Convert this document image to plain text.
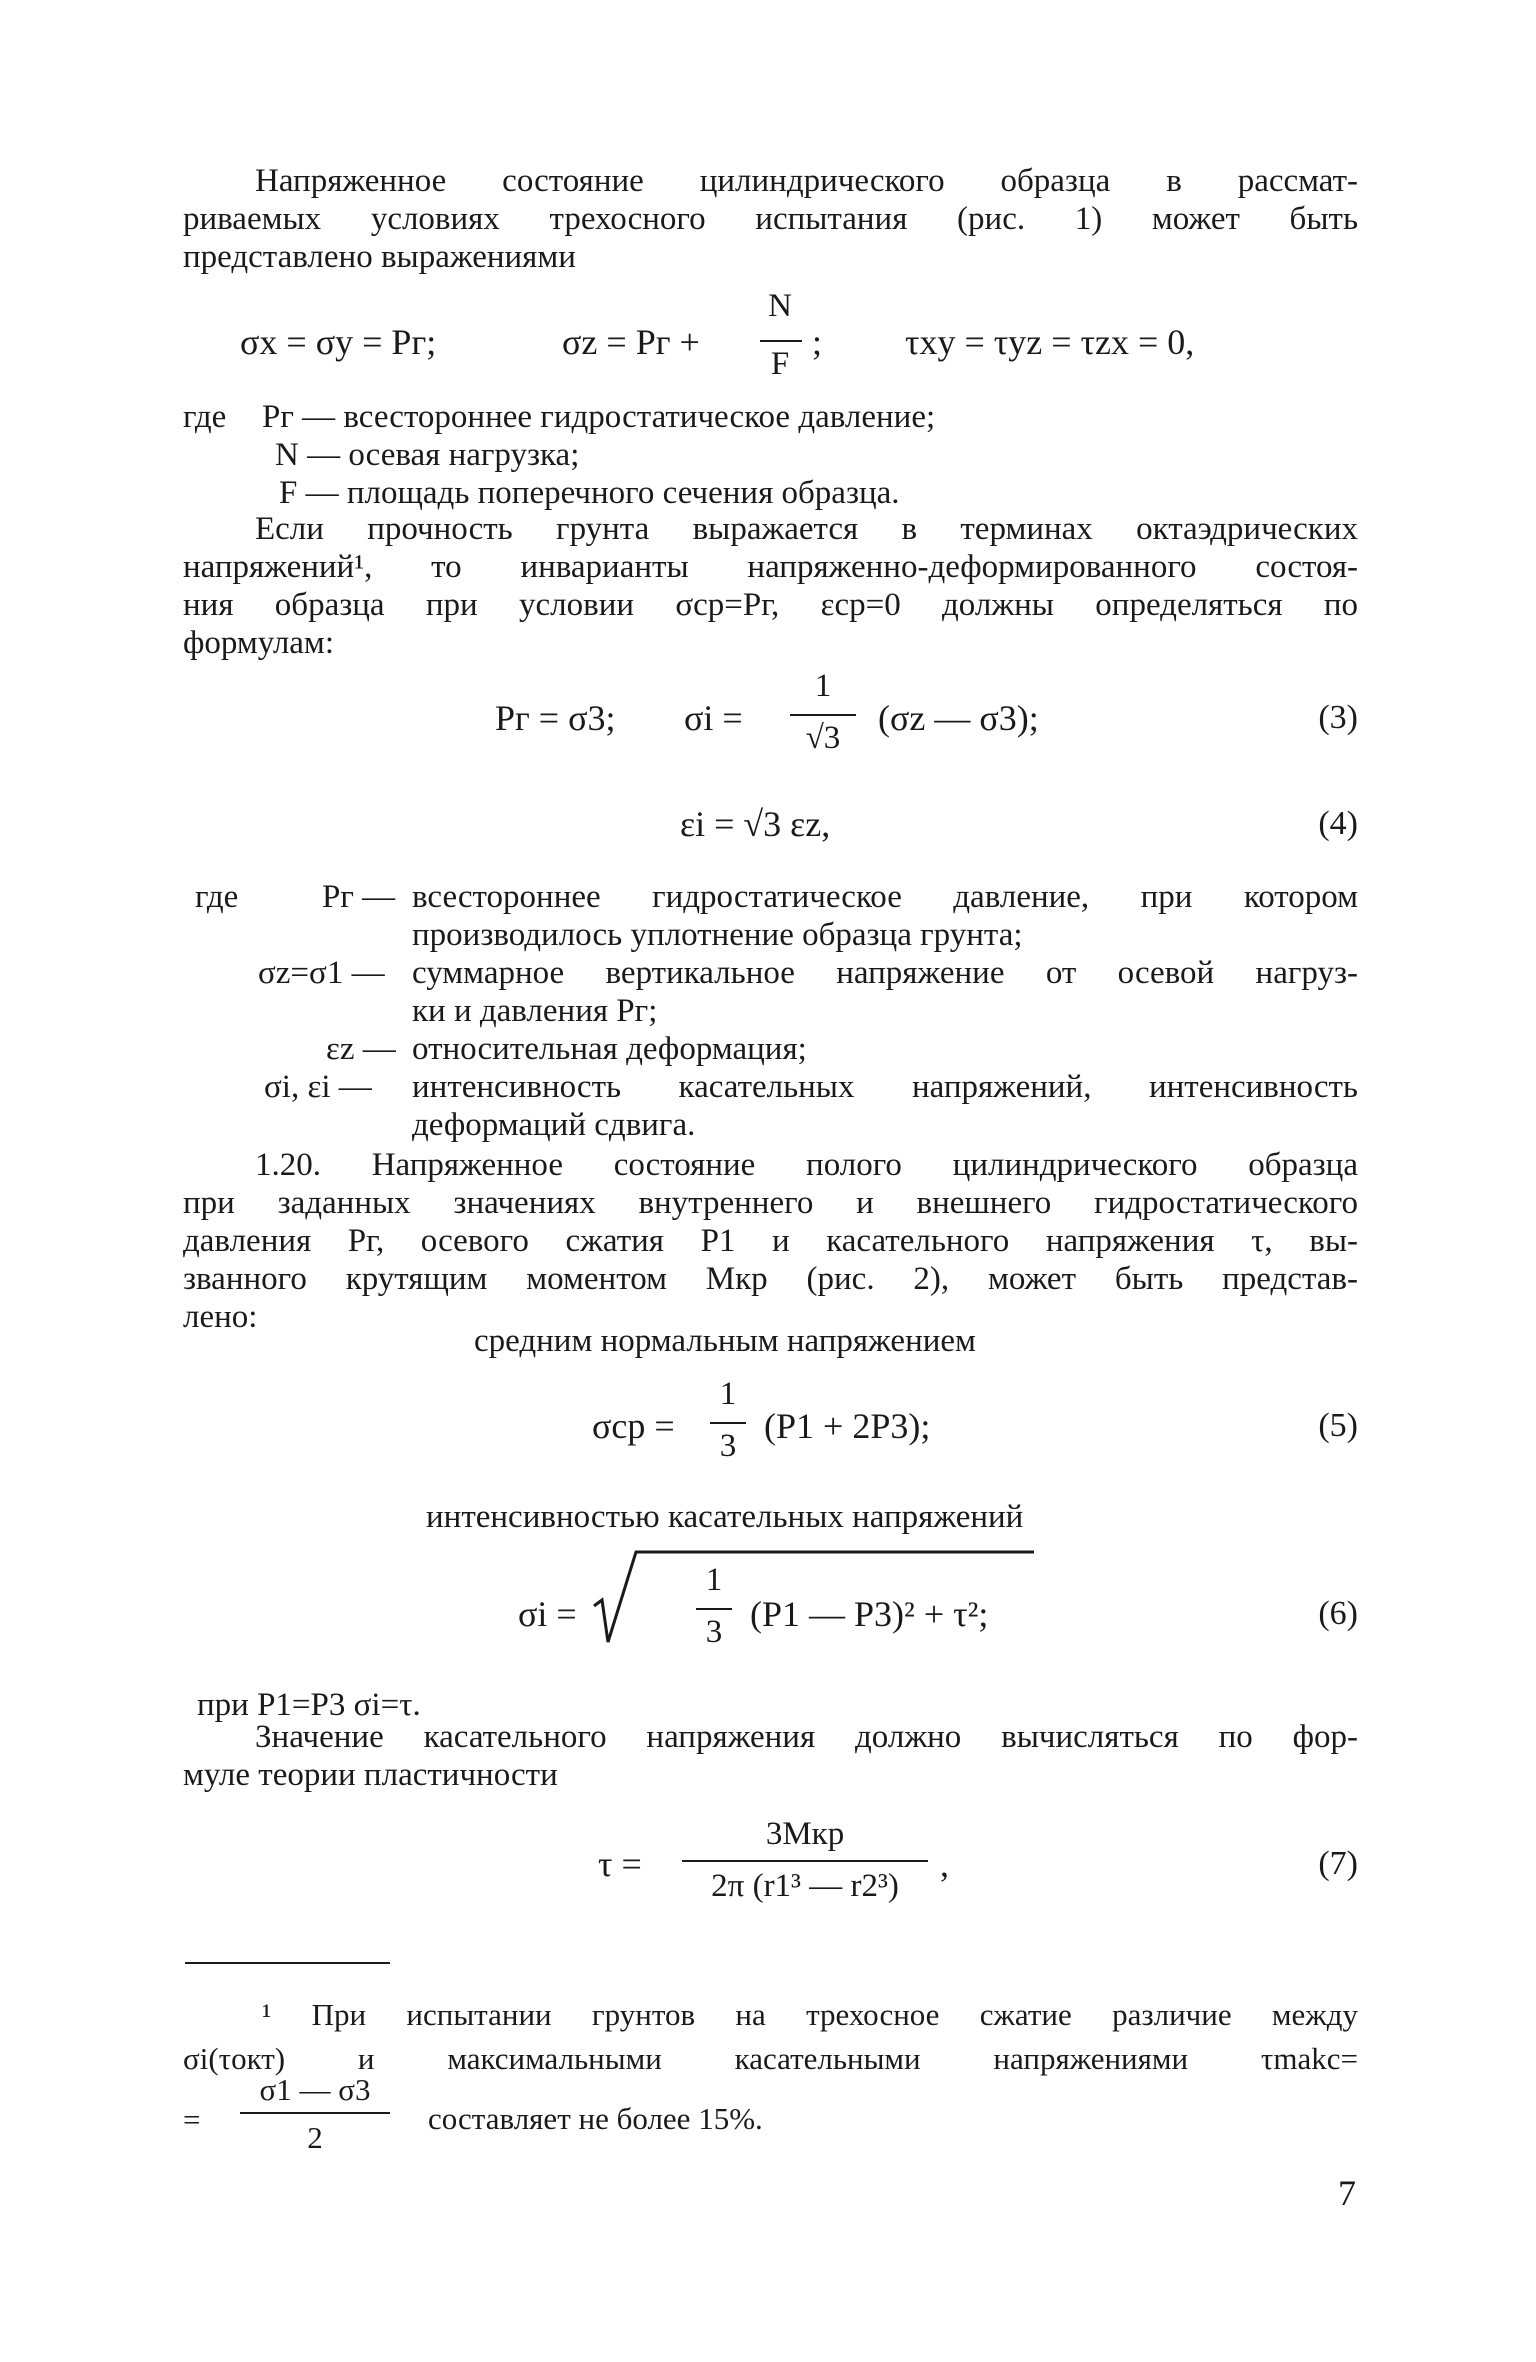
Напряженное состояние цилиндрического образца в рассмат-
риваемых условиях трехосного испытания (рис. 1) может быть
представлено выражениями
σx = σy = Pг;	σz = Pг +
N
F
; τxy = τyz = τzx = 0,
где Pг — всестороннее гидростатическое давление;
N — осевая нагрузка;
F — площадь поперечного сечения образца.
Если прочность грунта выражается в терминах октаэдрических
напряжений¹, то инварианты напряженно-деформированного состоя-
ния образца при условии σср=Pг, εср=0 должны определяться по
формулам:
Pг = σ3; σi =
1
√3	(σz — σ3);	(3)
εi = √3 εz,	(4)
где	Pг — всестороннее гидростатическое давление, при котором
производилось уплотнение образца грунта;
σz=σ1 — суммарное вертикальное напряжение от осевой нагруз-
ки и давления Pг;
εz — относительная деформация;
σi, εi — интенсивность касательных напряжений, интенсивность
деформаций сдвига.
1.20. Напряженное состояние полого цилиндрического образца
при заданных значениях внутреннего и внешнего гидростатического
давления Pг, осевого сжатия P1 и касательного напряжения τ, вы-
званного крутящим моментом Mкр (рис. 2), может быть представ-
лено:
средним нормальным напряжением
σср =
1
3 (P1 + 2P3);	(5)
интенсивностью касательных напряжений
σi =
1
3 (P1 — P3)² + τ²;	(6)
при P1=P3 σi=τ.
Значение касательного напряжения должно вычисляться по фор-
муле теории пластичности
τ =
3Mкр
2π (r1³ — r2³)
,	(7)
¹ При испытании грунтов на трехосное сжатие различие между
σi(τокт) и максимальными касательными напряжениями τmakc=
=
σ1 — σ3
2
составляет не более 15%.
7
